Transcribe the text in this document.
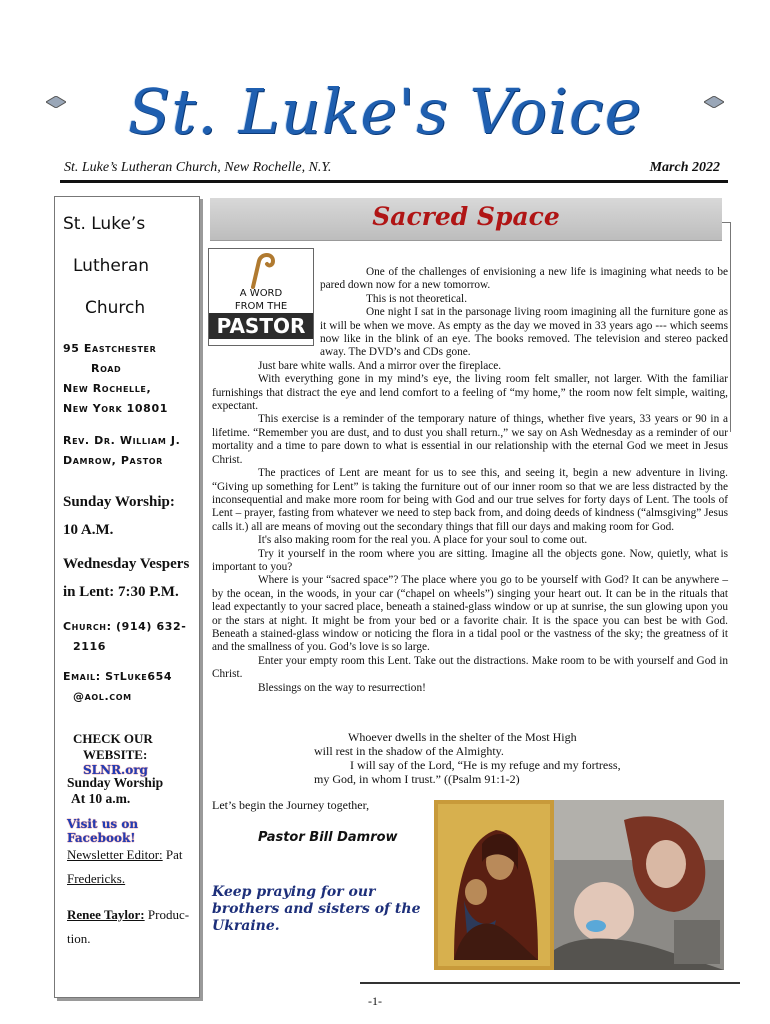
St. Luke's Voice
St. Luke’s Lutheran Church, New Rochelle, N.Y.	March 2022
St. Luke’s
Lutheran
Church
95 Eastchester
Road
New Rochelle,
New York 10801
Rev. Dr. William J.
Damrow, Pastor
Sunday Worship:
10 A.M.
Wednesday Vespers
in Lent: 7:30 P.M.
Church: (914) 632-
2116
Email: StLuke654
@aol.com
CHECK OUR
WEBSITE:
SLNR.org
Sunday Worship
At 10 a.m.
Visit us on Facebook!
Newsletter Editor: Pat
Fredericks.
Renee Taylor: Produc-
tion.
Sacred Space
A WORD
FROM THE
PASTOR

One of the challenges of envisioning a new life is imagining what needs to be pared down now for a new tomorrow.

This is not theoretical.

One night I sat in the parsonage living room imagining all the furniture gone as it will be when we move. As empty as the day we moved in 33 years ago --- which seems now like in the blink of an eye. The books removed. The television and stereo packed away. The DVD’s and CDs gone.

Just bare white walls. And a mirror over the fireplace.

With everything gone in my mind’s eye, the living room felt smaller, not larger. With the familiar furnishings that distract the eye and lend comfort to a feeling of “my home,” the room now felt simple, waiting, expectant.

This exercise is a reminder of the temporary nature of things, whether five years, 33 years or 90 in a lifetime. “Remember you are dust, and to dust you shall return.,” we say on Ash Wednesday as a reminder of our mortality and a time to pare down to what is essential in our relationship with the eternal God we meet in Jesus Christ.

The practices of Lent are meant for us to see this, and seeing it, begin a new adventure in living. “Giving up something for Lent” is taking the furniture out of our inner room so that we are less distracted by the inconsequential and make more room for being with God and our true selves for forty days of Lent. The tools of Lent – prayer, fasting from whatever we need to step back from, and doing deeds of kindness (“almsgiving” Jesus calls it.) all are means of moving out the secondary things that fill our days and making room for God.

It's also making room for the real you. A place for your soul to come out.

Try it yourself in the room where you are sitting. Imagine all the objects gone. Now, quietly, what is important to you?

Where is your “sacred space”? The place where you go to be yourself with God? It can be anywhere – by the ocean, in the woods, in your car (“chapel on wheels”) singing your heart out. It can be in the rituals that lead expectantly to your sacred place, beneath a stained-glass window or up at sunrise, the sun glowing upon you or the stars at night. It might be from your bed or a favorite chair. It is the space you can best be with God. Beneath a stained-glass window or noticing the flora in a tidal pool or the vastness of the sky; the greatness of it and the smallness of you. God’s love is so large.

Enter your empty room this Lent. Take out the distractions. Make room to be with yourself and God in Christ.

Blessings on the way to resurrection!

Whoever dwells in the shelter of the Most High

will rest in the shadow of the Almighty.

I will say of the Lord, “He is my refuge and my fortress,

my God, in whom I trust.” ((Psalm 91:1-2)

Let’s begin the Journey together,
Pastor Bill Damrow
Keep praying for our brothers and sisters of the Ukraine.
-1-
